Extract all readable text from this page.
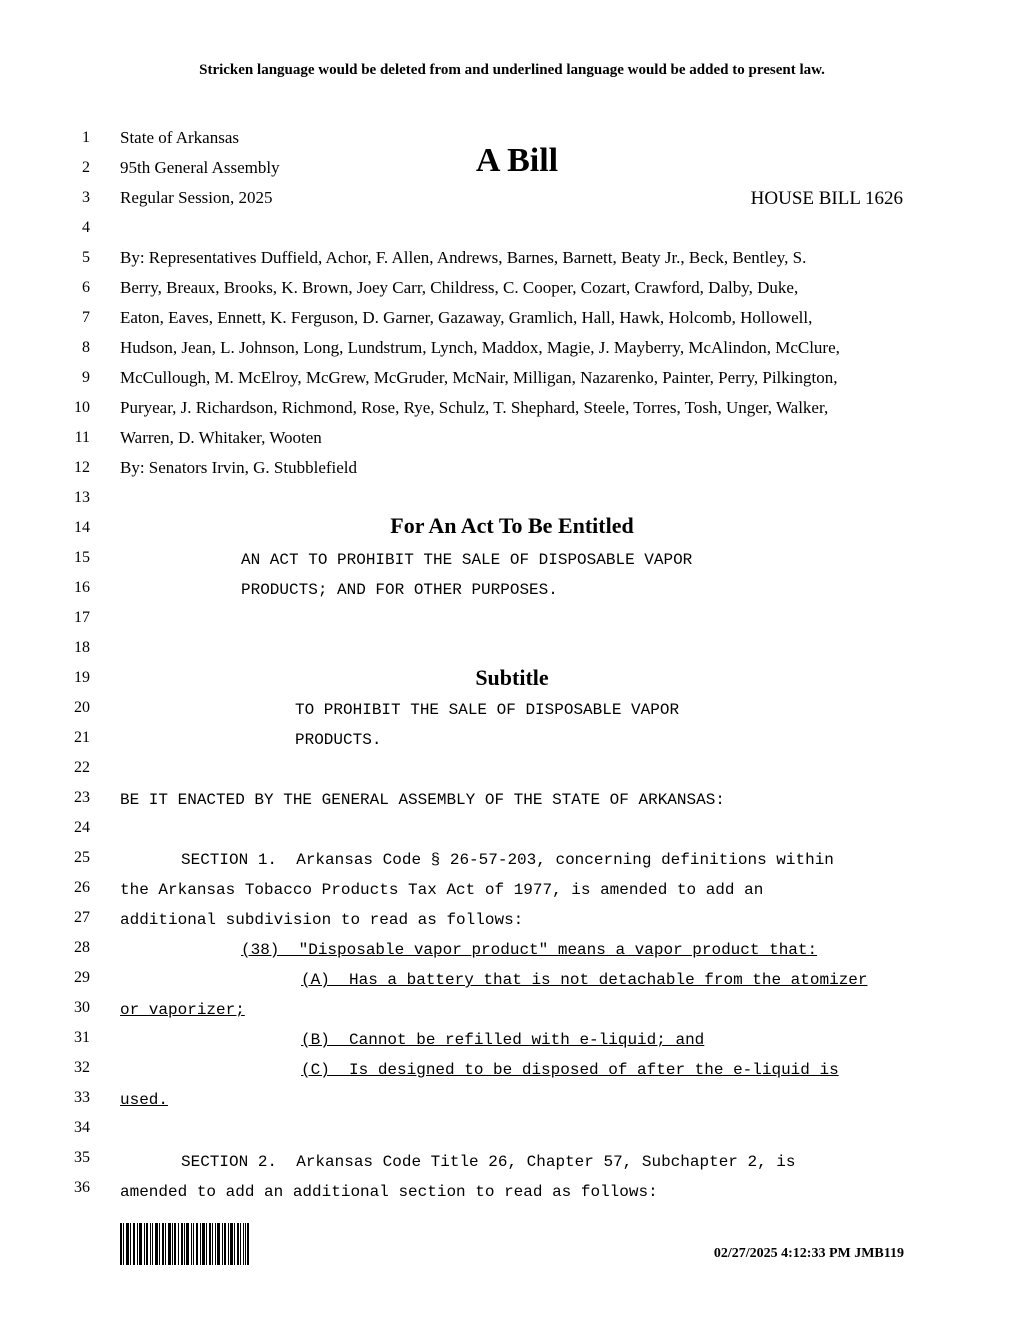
Stricken language would be deleted from and underlined language would be added to present law.
1
2
3
4
5
6
7
8
9
10
11
12
13
14
15
16
17
18
19
20
21
22
23
24
25
26
27
28
29
30
31
32
33
34
35
36
State of Arkansas
95th General Assembly
Regular Session, 2025
A Bill
HOUSE BILL 1626
By: Representatives Duffield, Achor, F. Allen, Andrews, Barnes, Barnett, Beaty Jr., Beck, Bentley, S.
Berry, Breaux, Brooks, K. Brown, Joey Carr, Childress, C. Cooper, Cozart, Crawford, Dalby, Duke,
Eaton, Eaves, Ennett, K. Ferguson, D. Garner, Gazaway, Gramlich, Hall, Hawk, Holcomb, Hollowell,
Hudson, Jean, L. Johnson, Long, Lundstrum, Lynch, Maddox, Magie, J. Mayberry, McAlindon, McClure,
McCullough, M. McElroy, McGrew, McGruder, McNair, Milligan, Nazarenko, Painter, Perry, Pilkington,
Puryear, J. Richardson, Richmond, Rose, Rye, Schulz, T. Shephard, Steele, Torres, Tosh, Unger, Walker,
Warren, D. Whitaker, Wooten
By: Senators Irvin, G. Stubblefield
For An Act To Be Entitled
AN ACT TO PROHIBIT THE SALE OF DISPOSABLE VAPOR
PRODUCTS; AND FOR OTHER PURPOSES.
Subtitle
TO PROHIBIT THE SALE OF DISPOSABLE VAPOR
PRODUCTS.
BE IT ENACTED BY THE GENERAL ASSEMBLY OF THE STATE OF ARKANSAS:
SECTION 1.  Arkansas Code § 26-57-203, concerning definitions within
the Arkansas Tobacco Products Tax Act of 1977, is amended to add an
additional subdivision to read as follows:
(38)  "Disposable vapor product" means a vapor product that:
(A)  Has a battery that is not detachable from the atomizer
or vaporizer;
(B)  Cannot be refilled with e-liquid; and
(C)  Is designed to be disposed of after the e-liquid is
used.
SECTION 2.  Arkansas Code Title 26, Chapter 57, Subchapter 2, is
amended to add an additional section to read as follows:
02/27/2025 4:12:33 PM JMB119
